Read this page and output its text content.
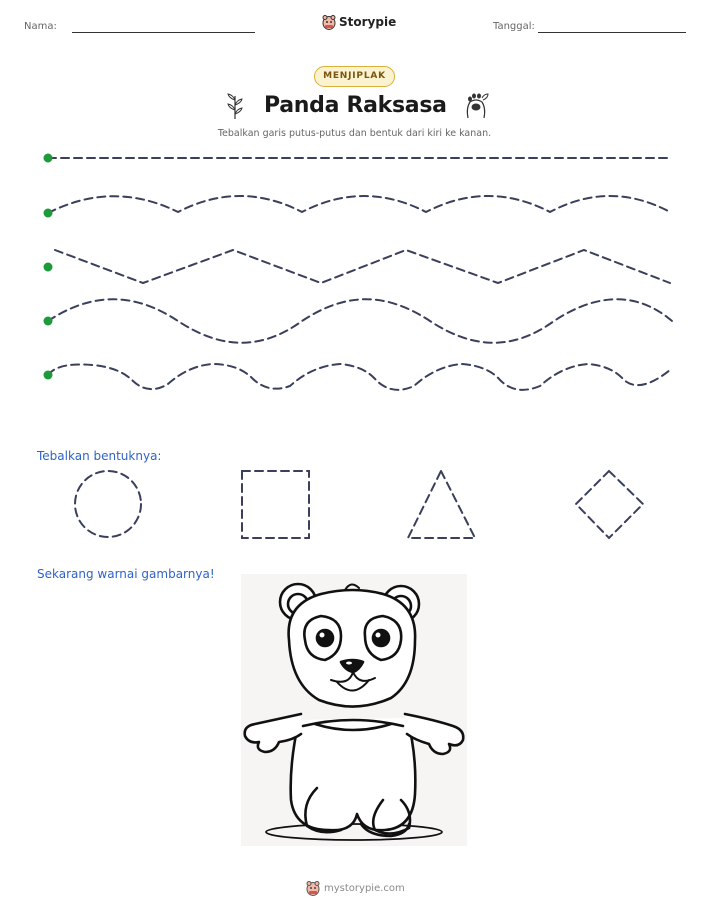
Nama:	Storypie	Tanggal:
MENJIPLAK
Panda Raksasa
Tebalkan garis putus-putus dan bentuk dari kiri ke kanan.
Tebalkan bentuknya:
Sekarang warnai gambarnya!
mystorypie.com
